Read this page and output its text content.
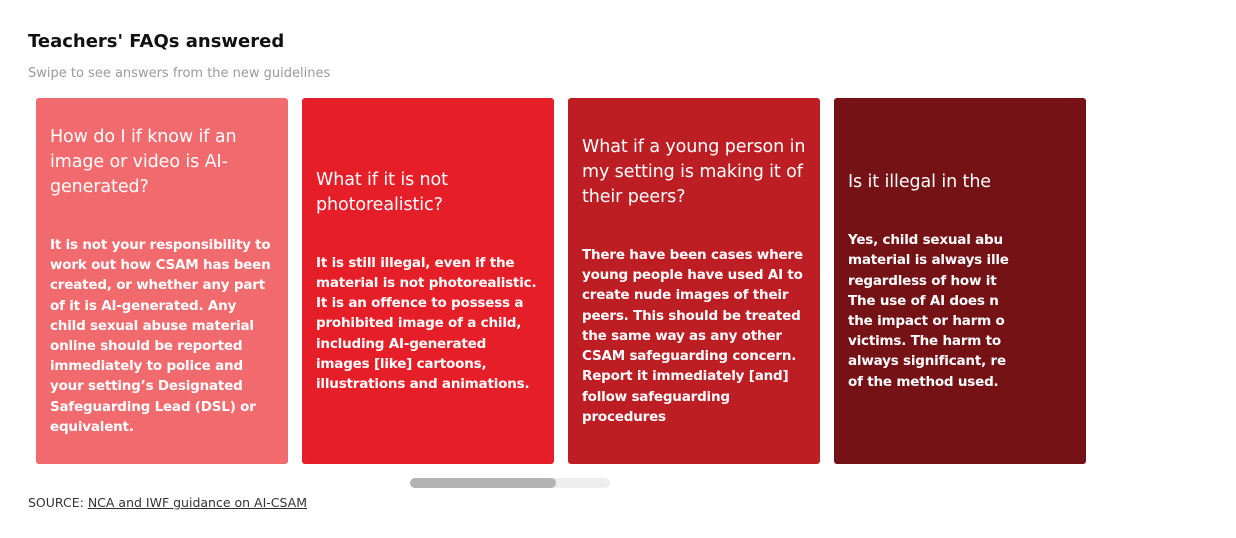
Teachers' FAQs answered
Swipe to see answers from the new guidelines

How do I if know if an image or video is AI-generated?

It is not your responsibility to work out how CSAM has been created, or whether any part of it is AI-generated. Any child sexual abuse material online should be reported immediately to police and your setting’s Designated Safeguarding Lead (DSL) or equivalent.

What if it is not photorealistic?

It is still illegal, even if the material is not photorealistic. It is an offence to possess a prohibited image of a child, including AI-generated images [like] cartoons, illustrations and animations.

What if a young person in my setting is making it of their peers?

There have been cases where young people have used AI to create nude images of their peers. This should be treated the same way as any other CSAM safeguarding concern. Report it immediately [and] follow safeguarding procedures

Is it illegal in the

Yes, child sexual abu
material is always ille
regardless of how it
The use of AI does n
the impact or harm o
victims. The harm to
always significant, re
of the method used.

SOURCE: NCA and IWF guidance on AI-CSAM
